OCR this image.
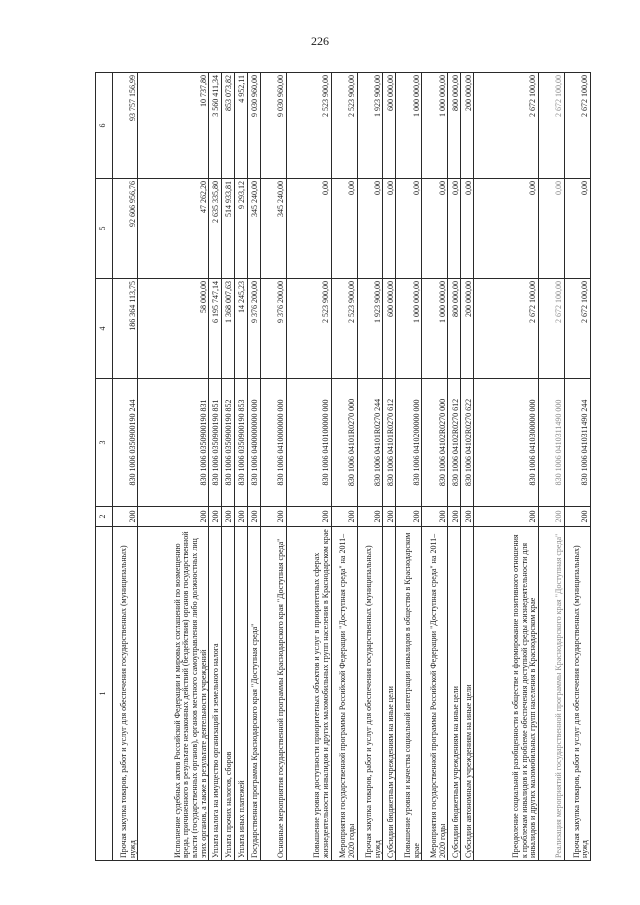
226
1	2	3	4	5	6
Прочая закупка товаров, работ и услуг для обеспечения государственных (муниципальных) нужд	200	830 1006 0350900190 244	186 364 113,75	92 606 956,76	93 757 156,99
Исполнение судебных актов Российской Федерации и мировых соглашений по возмещению вреда, причиненного в результате незаконных действий (бездействия) органов государственной власти (государственных органов), органов местного самоуправления либо должностных лиц этих органов, а также в результате деятельности учреждений	200	830 1006 0350900190 831	58 000,00	47 262,20	10 737,80
Уплата налога на имущество организаций и земельного налога	200	830 1006 0350900190 851	6 195 747,14	2 635 335,80	3 560 411,34
Уплата прочих налогов, сборов	200	830 1006 0350900190 852	1 368 007,63	514 933,81	853 073,82
Уплата иных платежей	200	830 1006 0350900190 853	14 245,23	9 293,12	4 952,11
Государственная программа Краснодарского края "Доступная среда"	200	830 1006 0400000000 000	9 376 200,00	345 240,00	9 030 960,00
Основные мероприятия государственной программы Краснодарского края "Доступная среда"	200	830 1006 0410000000 000	9 376 200,00	345 240,00	9 030 960,00
Повышение уровня доступности приоритетных объектов и услуг в приоритетных сферах жизнедеятельности инвалидов и других маломобильных групп населения в Краснодарском крае	200	830 1006 0410100000 000	2 523 900,00	0,00	2 523 900,00
Мероприятия государственной программы Российской Федерации "Доступная среда" на 2011–2020 годы	200	830 1006 04101R0270 000	2 523 900,00	0,00	2 523 900,00
Прочая закупка товаров, работ и услуг для обеспечения государственных (муниципальных) нужд	200	830 1006 04101R0270 244	1 923 900,00	0,00	1 923 900,00
Субсидии бюджетным учреждениям на иные цели	200	830 1006 04101R0270 612	600 000,00	0,00	600 000,00
Повышение уровня и качества социальной интеграции инвалидов в общество в Краснодарском крае	200	830 1006 0410200000 000	1 000 000,00	0,00	1 000 000,00
Мероприятия государственной программы Российской Федерации "Доступная среда" на 2011–2020 годы	200	830 1006 04102R0270 000	1 000 000,00	0,00	1 000 000,00
Субсидии бюджетным учреждениям на иные цели	200	830 1006 04102R0270 612	800 000,00	0,00	800 000,00
Субсидии автономным учреждениям на иные цели	200	830 1006 04102R0270 622	200 000,00	0,00	200 000,00
Преодоление социальной разобщенности в обществе и формирование позитивного отношения к проблемам инвалидов и к проблеме обеспечения доступной среды жизнедеятельности для инвалидов и других маломобильных групп населения в Краснодарском крае	200	830 1006 0410300000 000	2 672 100,00	0,00	2 672 100,00
Реализация мероприятий государственной программы Краснодарского края "Доступная среда"	200	830 1006 0410311490 000	2 672 100,00	0,00	2 672 100,00
Прочая закупка товаров, работ и услуг для обеспечения государственных (муниципальных) нужд	200	830 1006 0410311490 244	2 672 100,00	0,00	2 672 100,00
